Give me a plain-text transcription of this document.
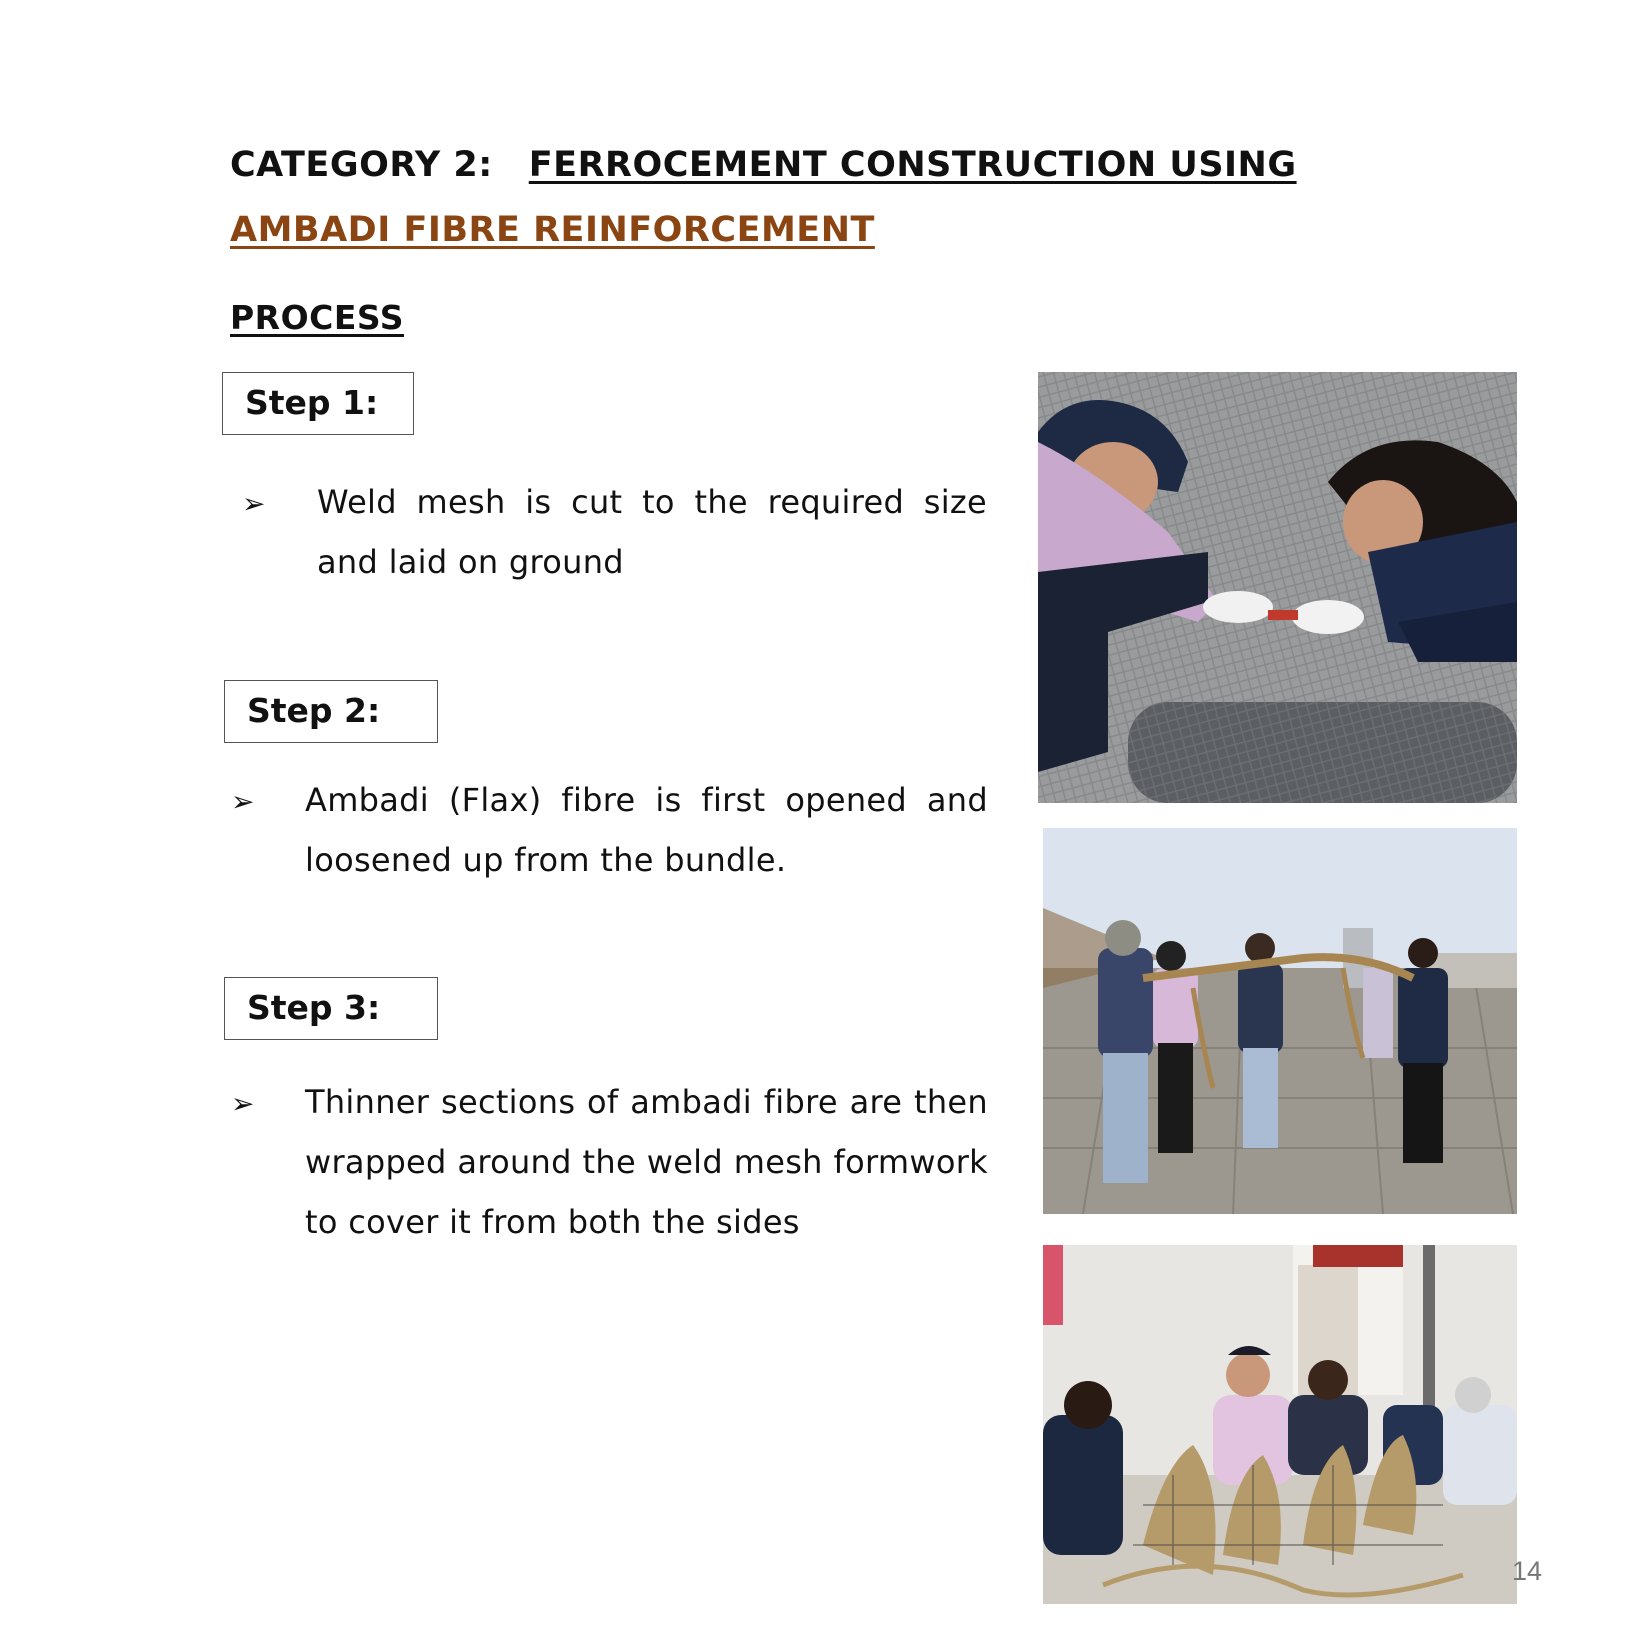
CATEGORY 2: FERROCEMENT CONSTRUCTION USING
AMBADI FIBRE REINFORCEMENT
PROCESS
Step 1:
➢ Weld mesh is cut to the required size and laid on ground
Step 2:
➢ Ambadi (Flax) fibre is first opened and loosened up from the bundle.
Step 3:
➢ Thinner sections of ambadi fibre are then wrapped around the weld mesh formwork to cover it from both the sides
14
